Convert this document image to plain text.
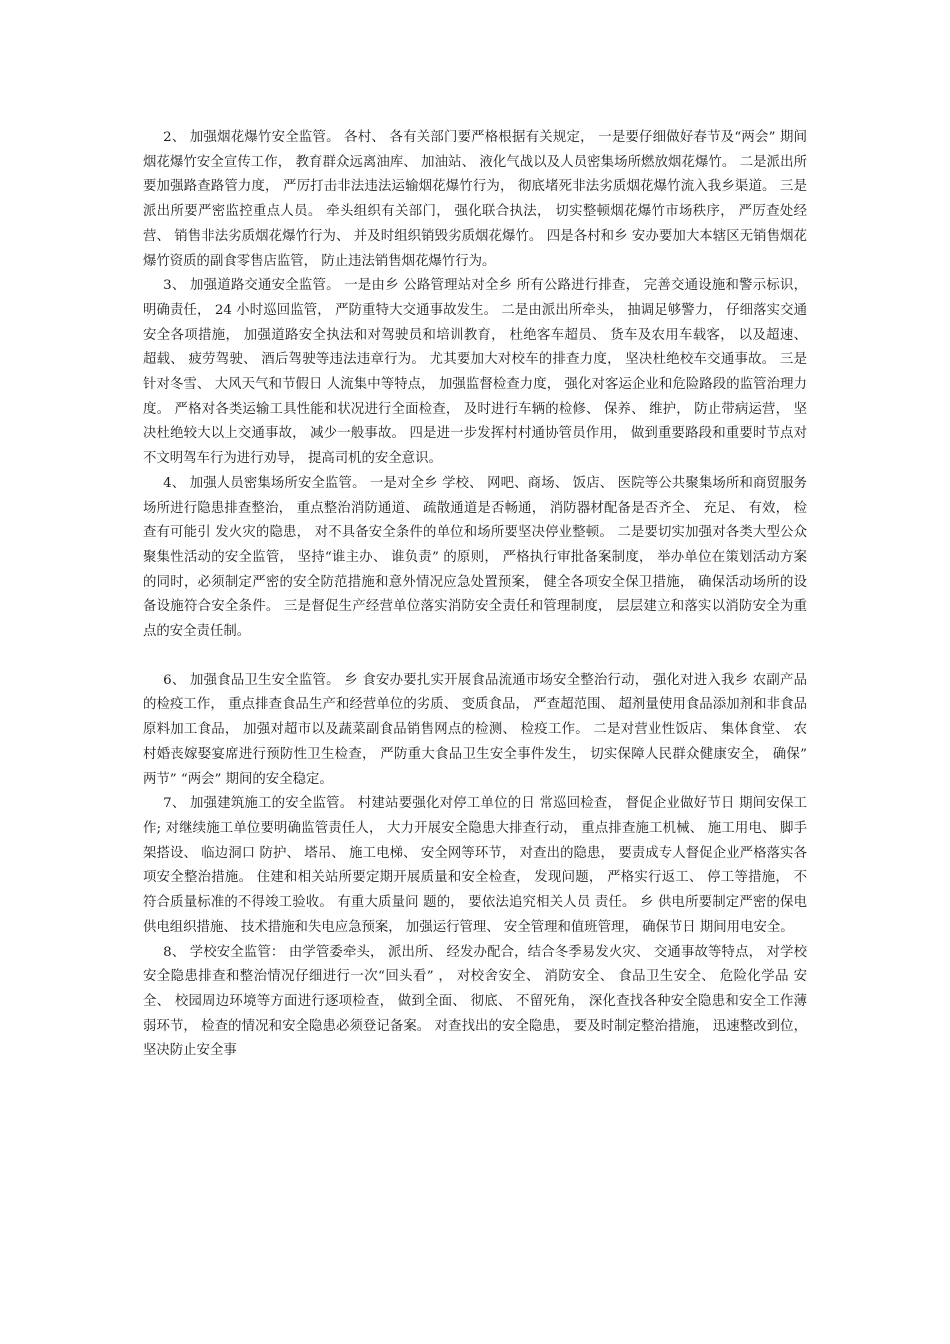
2、 加强烟花爆竹安全监管。 各村、 各有关部门要严格根据有关规定， 一是要仔细做好春节及“两会” 期间烟花爆竹安全宣传工作， 教育群众远离油库、 加油站、 液化气战以及人员密集场所燃放烟花爆竹。 二是派出所要加强路查路管力度， 严厉打击非法违法运输烟花爆竹行为， 彻底堵死非法劣质烟花爆竹流入我乡渠道。 三是派出所要严密监控重点人员。 牵头组织有关部门， 强化联合执法， 切实整顿烟花爆竹市场秩序， 严厉查处经营、 销售非法劣质烟花爆竹行为、 并及时组织销毁劣质烟花爆竹。 四是各村和乡 安办要加大本辖区无销售烟花爆竹资质的副食零售店监管， 防止违法销售烟花爆竹行为。

3、 加强道路交通安全监管。 一是由乡 公路管理站对全乡 所有公路进行排查， 完善交通设施和警示标识， 明确责任， 24 小时巡回监管， 严防重特大交通事故发生。 二是由派出所牵头， 抽调足够警力， 仔细落实交通安全各项措施， 加强道路安全执法和对驾驶员和培训教育， 杜绝客车超员、 货车及农用车载客， 以及超速、 超载、 疲劳驾驶、 酒后驾驶等违法违章行为。 尤其要加大对校车的排查力度， 坚决杜绝校车交通事故。 三是针对冬雪、 大风天气和节假日 人流集中等特点， 加强监督检查力度， 强化对客运企业和危险路段的监管治理力度。 严格对各类运输工具性能和状况进行全面检查， 及时进行车辆的检修、 保养、 维护， 防止带病运营， 坚决杜绝较大以上交通事故， 减少一般事故。 四是进一步发挥村村通协管员作用， 做到重要路段和重要时节点对不文明驾车行为进行劝导， 提高司机的安全意识。

4、 加强人员密集场所安全监管。 一是对全乡 学校、 网吧、商场、 饭店、 医院等公共聚集场所和商贸服务场所进行隐患排查整治， 重点整治消防通道、 疏散通道是否畅通， 消防器材配备是否齐全、 充足、 有效， 检查有可能引 发火灾的隐患， 对不具备安全条件的单位和场所要坚决停业整顿。 二是要切实加强对各类大型公众聚集性活动的安全监管， 坚持“谁主办、 谁负责” 的原则， 严格执行审批备案制度， 举办单位在策划活动方案的同时，必须制定严密的安全防范措施和意外情况应急处置预案， 健全各项安全保卫措施， 确保活动场所的设备设施符合安全条件。 三是督促生产经营单位落实消防安全责任和管理制度， 层层建立和落实以消防安全为重点的安全责任制。

6、 加强食品卫生安全监管。 乡 食安办要扎实开展食品流通市场安全整治行动， 强化对进入我乡 农副产品的检疫工作， 重点排查食品生产和经营单位的劣质、 变质食品， 严查超范围、 超剂量使用食品添加剂和非食品原料加工食品， 加强对超市以及蔬菜副食品销售网点的检测、 检疫工作。 二是对营业性饭店、 集体食堂、 农村婚丧嫁娶宴席进行预防性卫生检查， 严防重大食品卫生安全事件发生， 切实保障人民群众健康安全， 确保” 两节” “两会” 期间的安全稳定。

7、 加强建筑施工的安全监管。 村建站要强化对停工单位的日 常巡回检查， 督促企业做好节日 期间安保工作; 对继续施工单位要明确监管责任人， 大力开展安全隐患大排查行动， 重点排查施工机械、 施工用电、 脚手架搭设、 临边洞口 防护、 塔吊、 施工电梯、 安全网等环节， 对查出的隐患， 要责成专人督促企业严格落实各项安全整治措施。 住建和相关站所要定期开展质量和安全检查， 发现问题， 严格实行返工、 停工等措施， 不符合质量标准的不得竣工验收。 有重大质量问 题的， 要依法追究相关人员 责任。 乡 供电所要制定严密的保电供电组织措施、 技术措施和失电应急预案， 加强运行管理、 安全管理和值班管理， 确保节日 期间用电安全。

8、 学校安全监管： 由学管委牵头， 派出所、 经发办配合，结合冬季易发火灾、 交通事故等特点， 对学校安全隐患排查和整治情况仔细进行一次“回头看” ， 对校舍安全、 消防安全、 食品卫生安全、 危险化学品 安全、 校园周边环境等方面进行逐项检查， 做到全面、 彻底、 不留死角， 深化查找各种安全隐患和安全工作薄弱环节， 检查的情况和安全隐患必须登记备案。 对查找出的安全隐患， 要及时制定整治措施， 迅速整改到位， 坚决防止安全事
